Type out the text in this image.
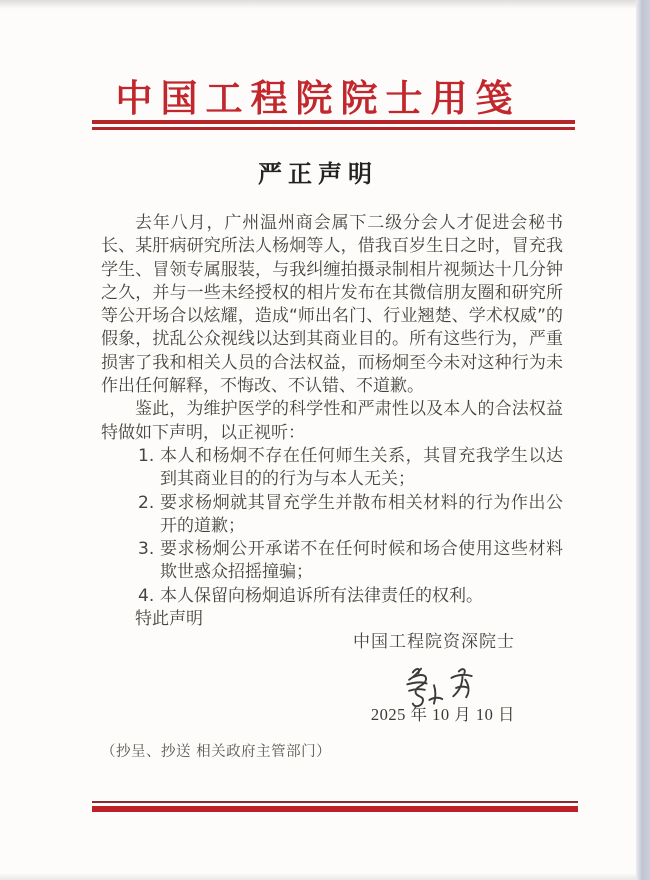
中国工程院院士用笺
严正声明

去年八月，广州温州商会属下二级分会人才促进会秘书长、某肝病研究所法人杨炯等人，借我百岁生日之时，冒充我学生、冒领专属服装，与我纠缠拍摄录制相片视频达十几分钟之久，并与一些未经授权的相片发布在其微信朋友圈和研究所等公开场合以炫耀，造成“师出名门、行业翘楚、学术权威”的假象，扰乱公众视线以达到其商业目的。所有这些行为，严重损害了我和相关人员的合法权益，而杨炯至今未对这种行为未作出任何解释，不悔改、不认错、不道歉。

鉴此，为维护医学的科学性和严肃性以及本人的合法权益特做如下声明，以正视听：

1. 本人和杨炯不存在任何师生关系，其冒充我学生以达到其商业目的的行为与本人无关；
2. 要求杨炯就其冒充学生并散布相关材料的行为作出公开的道歉；
3. 要求杨炯公开承诺不在任何时候和场合使用这些材料欺世惑众招摇撞骗；
4. 本人保留向杨炯追诉所有法律责任的权利。

特此声明

中国工程院资深院士
2025 年 10 月 10 日
（抄呈、抄送 相关政府主管部门）
